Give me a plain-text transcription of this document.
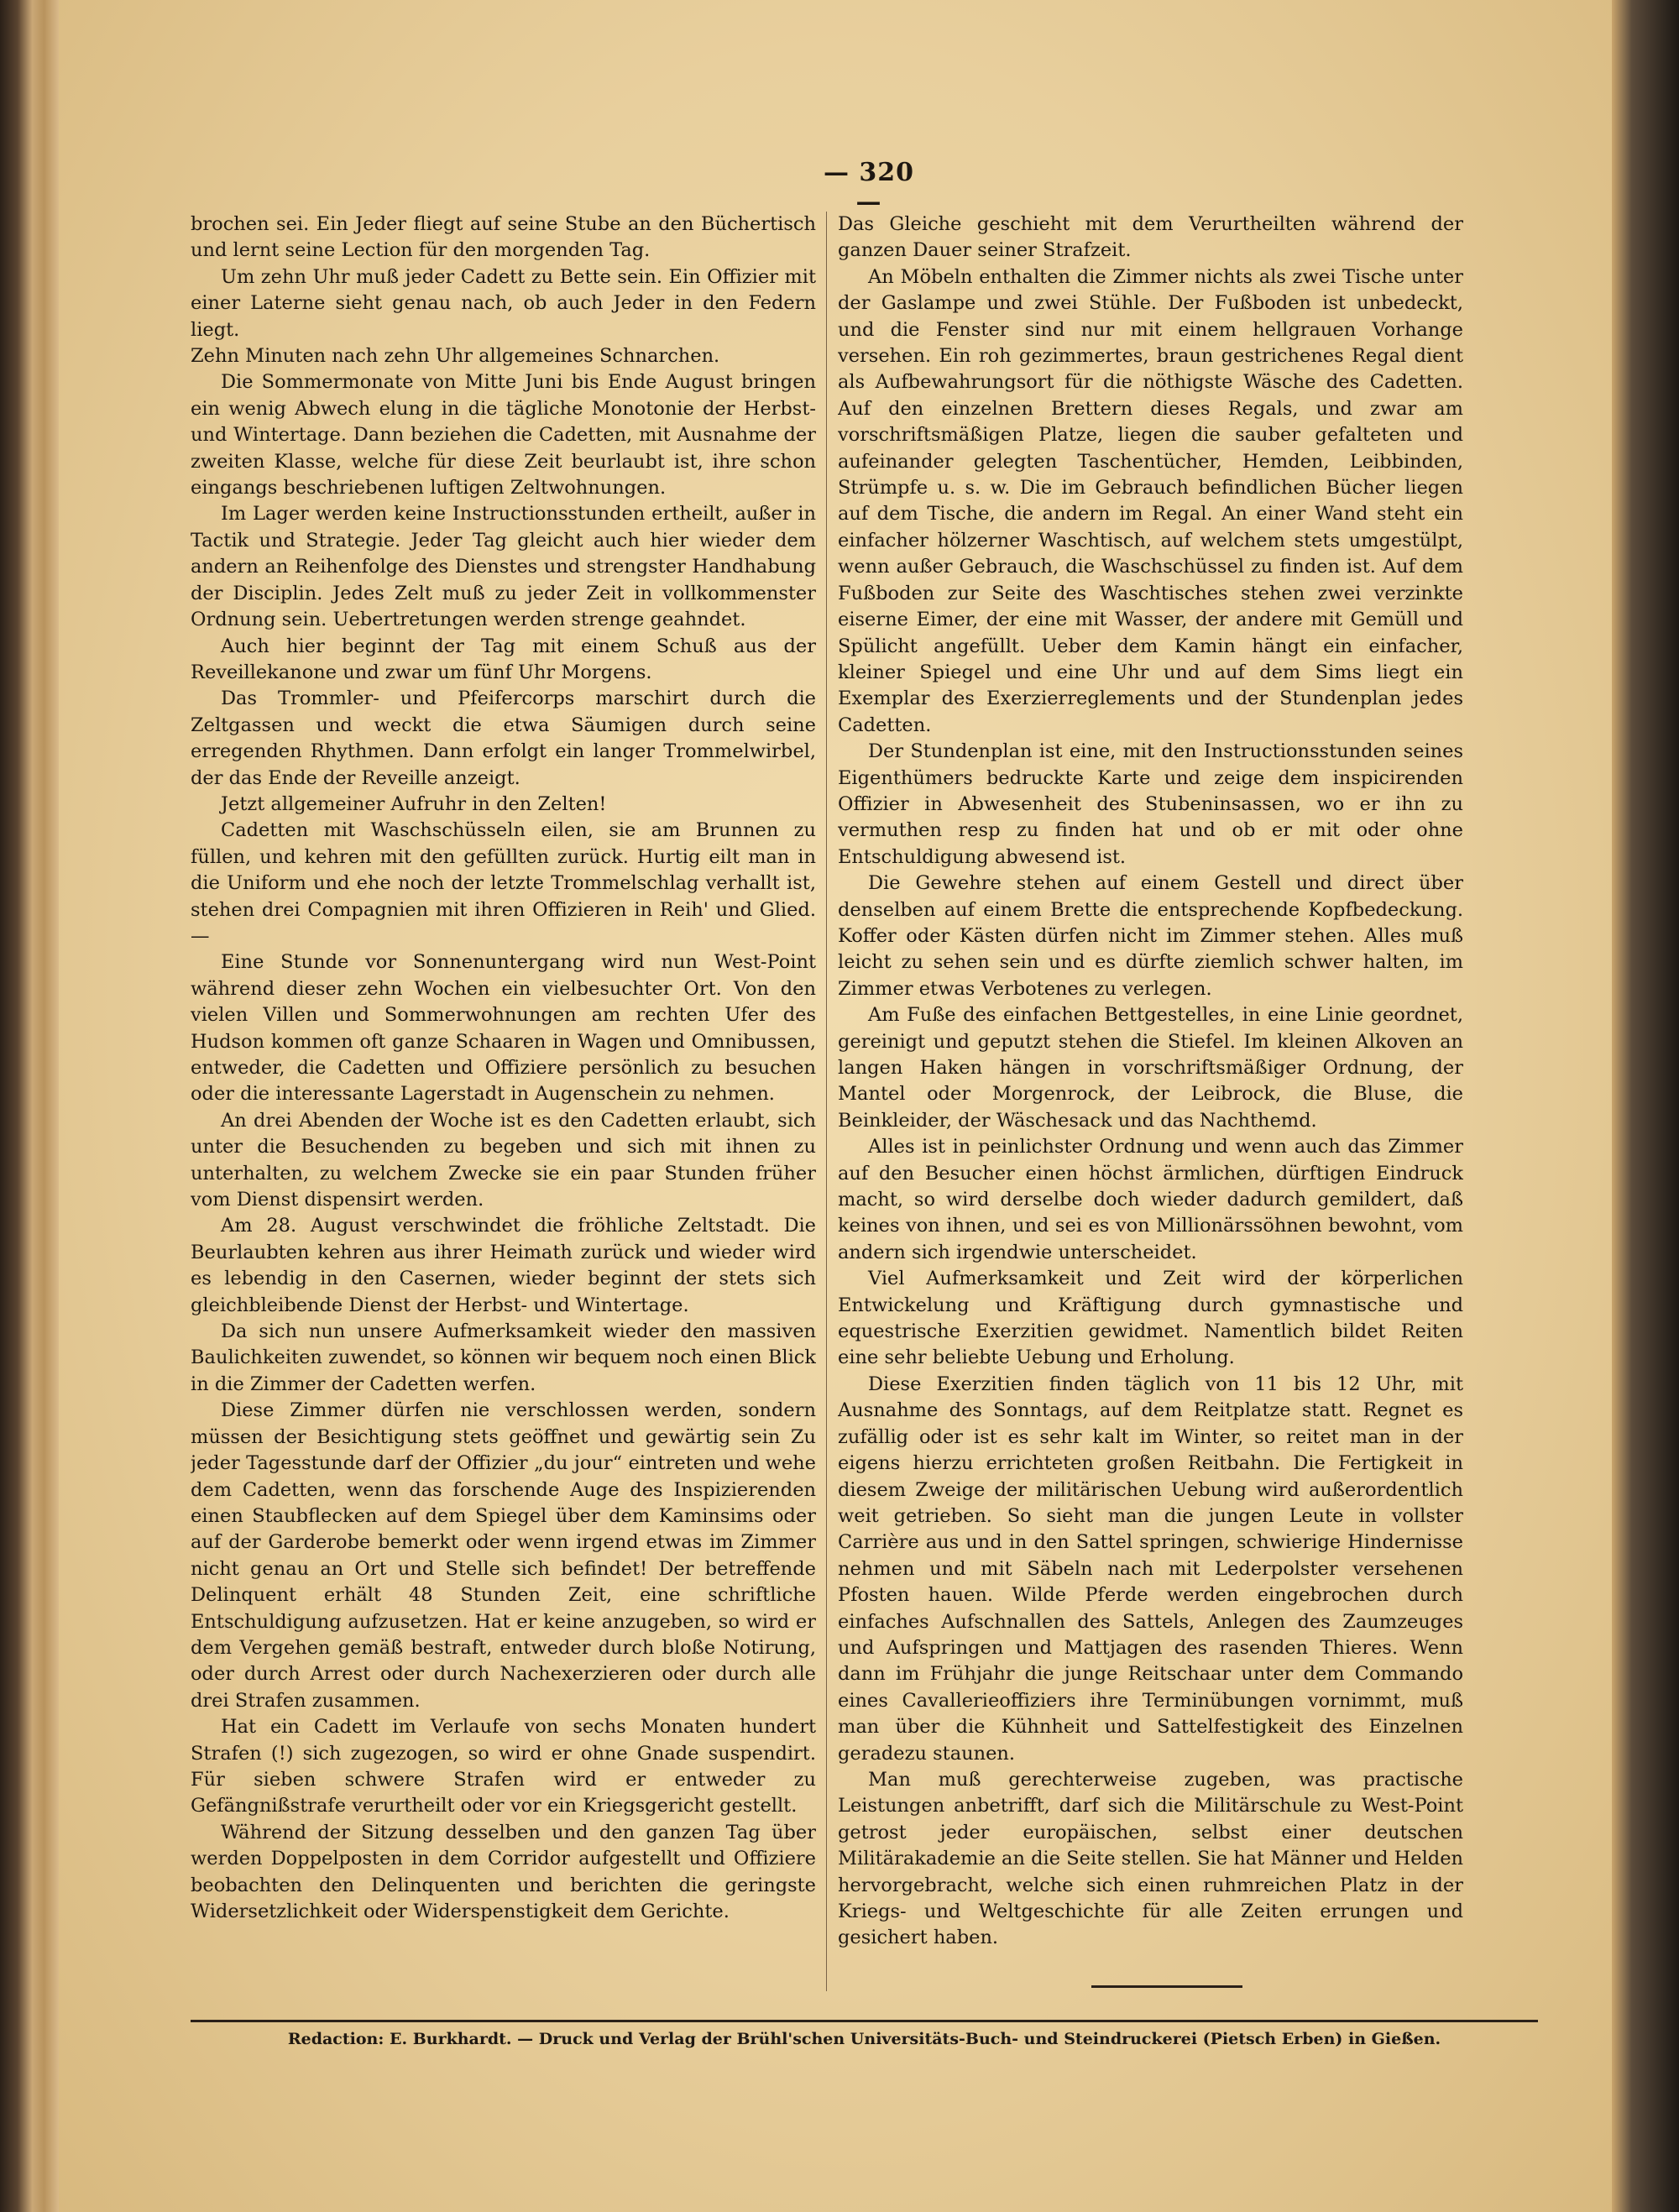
— 320 —

brochen sei. Ein Jeder fliegt auf seine Stube an den Büchertisch und lernt seine Lection für den morgenden Tag.

Um zehn Uhr muß jeder Cadett zu Bette sein. Ein Offizier mit einer Laterne sieht genau nach, ob auch Jeder in den Federn liegt.

Zehn Minuten nach zehn Uhr allgemeines Schnarchen.

Die Sommermonate von Mitte Juni bis Ende August bringen ein wenig Abwech elung in die tägliche Monotonie der Herbst- und Wintertage. Dann beziehen die Cadetten, mit Ausnahme der zweiten Klasse, welche für diese Zeit beurlaubt ist, ihre schon eingangs beschriebenen luftigen Zeltwohnungen.

Im Lager werden keine Instructionsstunden ertheilt, außer in Tactik und Strategie. Jeder Tag gleicht auch hier wieder dem andern an Reihenfolge des Dienstes und strengster Handhabung der Disciplin. Jedes Zelt muß zu jeder Zeit in vollkommenster Ordnung sein. Uebertretungen werden strenge geahndet.

Auch hier beginnt der Tag mit einem Schuß aus der Reveillekanone und zwar um fünf Uhr Morgens.

Das Trommler- und Pfeifercorps marschirt durch die Zeltgassen und weckt die etwa Säumigen durch seine erregenden Rhythmen. Dann erfolgt ein langer Trommelwirbel, der das Ende der Reveille anzeigt.

Jetzt allgemeiner Aufruhr in den Zelten!

Cadetten mit Waschschüsseln eilen, sie am Brunnen zu füllen, und kehren mit den gefüllten zurück. Hurtig eilt man in die Uniform und ehe noch der letzte Trommelschlag verhallt ist, stehen drei Compagnien mit ihren Offizieren in Reih' und Glied. —

Eine Stunde vor Sonnenuntergang wird nun West-Point während dieser zehn Wochen ein vielbesuchter Ort. Von den vielen Villen und Sommerwohnungen am rechten Ufer des Hudson kommen oft ganze Schaaren in Wagen und Omnibussen, entweder, die Cadetten und Offiziere persönlich zu besuchen oder die interessante Lagerstadt in Augenschein zu nehmen.

An drei Abenden der Woche ist es den Cadetten erlaubt, sich unter die Besuchenden zu begeben und sich mit ihnen zu unterhalten, zu welchem Zwecke sie ein paar Stunden früher vom Dienst dispensirt werden.

Am 28. August verschwindet die fröhliche Zeltstadt. Die Beurlaubten kehren aus ihrer Heimath zurück und wieder wird es lebendig in den Casernen, wieder beginnt der stets sich gleichbleibende Dienst der Herbst- und Wintertage.

Da sich nun unsere Aufmerksamkeit wieder den massiven Baulichkeiten zuwendet, so können wir bequem noch einen Blick in die Zimmer der Cadetten werfen.

Diese Zimmer dürfen nie verschlossen werden, sondern müssen der Besichtigung stets geöffnet und gewärtig sein Zu jeder Tagesstunde darf der Offizier „du jour“ eintreten und wehe dem Cadetten, wenn das forschende Auge des Inspizierenden einen Staubflecken auf dem Spiegel über dem Kaminsims oder auf der Garderobe bemerkt oder wenn irgend etwas im Zimmer nicht genau an Ort und Stelle sich befindet! Der betreffende Delinquent erhält 48 Stunden Zeit, eine schriftliche Entschuldigung aufzusetzen. Hat er keine anzugeben, so wird er dem Vergehen gemäß bestraft, entweder durch bloße Notirung, oder durch Arrest oder durch Nachexerzieren oder durch alle drei Strafen zusammen.

Hat ein Cadett im Verlaufe von sechs Monaten hundert Strafen (!) sich zugezogen, so wird er ohne Gnade suspendirt. Für sieben schwere Strafen wird er entweder zu Gefängnißstrafe verurtheilt oder vor ein Kriegsgericht gestellt.

Während der Sitzung desselben und den ganzen Tag über werden Doppelposten in dem Corridor aufgestellt und Offiziere beobachten den Delinquenten und berichten die geringste Widersetzlichkeit oder Widerspenstigkeit dem Gerichte.

Das Gleiche geschieht mit dem Verurtheilten während der ganzen Dauer seiner Strafzeit.

An Möbeln enthalten die Zimmer nichts als zwei Tische unter der Gaslampe und zwei Stühle. Der Fußboden ist unbedeckt, und die Fenster sind nur mit einem hellgrauen Vorhange versehen. Ein roh gezimmertes, braun gestrichenes Regal dient als Aufbewahrungsort für die nöthigste Wäsche des Cadetten. Auf den einzelnen Brettern dieses Regals, und zwar am vorschriftsmäßigen Platze, liegen die sauber gefalteten und aufeinander gelegten Taschentücher, Hemden, Leibbinden, Strümpfe u. s. w. Die im Gebrauch befindlichen Bücher liegen auf dem Tische, die andern im Regal. An einer Wand steht ein einfacher hölzerner Waschtisch, auf welchem stets umgestülpt, wenn außer Gebrauch, die Waschschüssel zu finden ist. Auf dem Fußboden zur Seite des Waschtisches stehen zwei verzinkte eiserne Eimer, der eine mit Wasser, der andere mit Gemüll und Spülicht angefüllt. Ueber dem Kamin hängt ein einfacher, kleiner Spiegel und eine Uhr und auf dem Sims liegt ein Exemplar des Exerzierreglements und der Stundenplan jedes Cadetten.

Der Stundenplan ist eine, mit den Instructionsstunden seines Eigenthümers bedruckte Karte und zeige dem inspicirenden Offizier in Abwesenheit des Stubeninsassen, wo er ihn zu vermuthen resp zu finden hat und ob er mit oder ohne Entschuldigung abwesend ist.

Die Gewehre stehen auf einem Gestell und direct über denselben auf einem Brette die entsprechende Kopfbedeckung. Koffer oder Kästen dürfen nicht im Zimmer stehen. Alles muß leicht zu sehen sein und es dürfte ziemlich schwer halten, im Zimmer etwas Verbotenes zu verlegen.

Am Fuße des einfachen Bettgestelles, in eine Linie geordnet, gereinigt und geputzt stehen die Stiefel. Im kleinen Alkoven an langen Haken hängen in vorschriftsmäßiger Ordnung, der Mantel oder Morgenrock, der Leibrock, die Bluse, die Beinkleider, der Wäschesack und das Nachthemd.

Alles ist in peinlichster Ordnung und wenn auch das Zimmer auf den Besucher einen höchst ärmlichen, dürftigen Eindruck macht, so wird derselbe doch wieder dadurch gemildert, daß keines von ihnen, und sei es von Millionärssöhnen bewohnt, vom andern sich irgendwie unterscheidet.

Viel Aufmerksamkeit und Zeit wird der körperlichen Entwickelung und Kräftigung durch gymnastische und equestrische Exerzitien gewidmet. Namentlich bildet Reiten eine sehr beliebte Uebung und Erholung.

Diese Exerzitien finden täglich von 11 bis 12 Uhr, mit Ausnahme des Sonntags, auf dem Reitplatze statt. Regnet es zufällig oder ist es sehr kalt im Winter, so reitet man in der eigens hierzu errichteten großen Reitbahn. Die Fertigkeit in diesem Zweige der militärischen Uebung wird außerordentlich weit getrieben. So sieht man die jungen Leute in vollster Carrière aus und in den Sattel springen, schwierige Hindernisse nehmen und mit Säbeln nach mit Lederpolster versehenen Pfosten hauen. Wilde Pferde werden eingebrochen durch einfaches Aufschnallen des Sattels, Anlegen des Zaumzeuges und Aufspringen und Mattjagen des rasenden Thieres. Wenn dann im Frühjahr die junge Reitschaar unter dem Commando eines Cavallerieoffiziers ihre Terminübungen vornimmt, muß man über die Kühnheit und Sattelfestigkeit des Einzelnen geradezu staunen.

Man muß gerechterweise zugeben, was practische Leistungen anbetrifft, darf sich die Militärschule zu West-Point getrost jeder europäischen, selbst einer deutschen Militärakademie an die Seite stellen. Sie hat Männer und Helden hervorgebracht, welche sich einen ruhmreichen Platz in der Kriegs- und Weltgeschichte für alle Zeiten errungen und gesichert haben.

Redaction: E. Burkhardt. — Druck und Verlag der Brühl'schen Universitäts-Buch- und Steindruckerei (Pietsch Erben) in Gießen.
